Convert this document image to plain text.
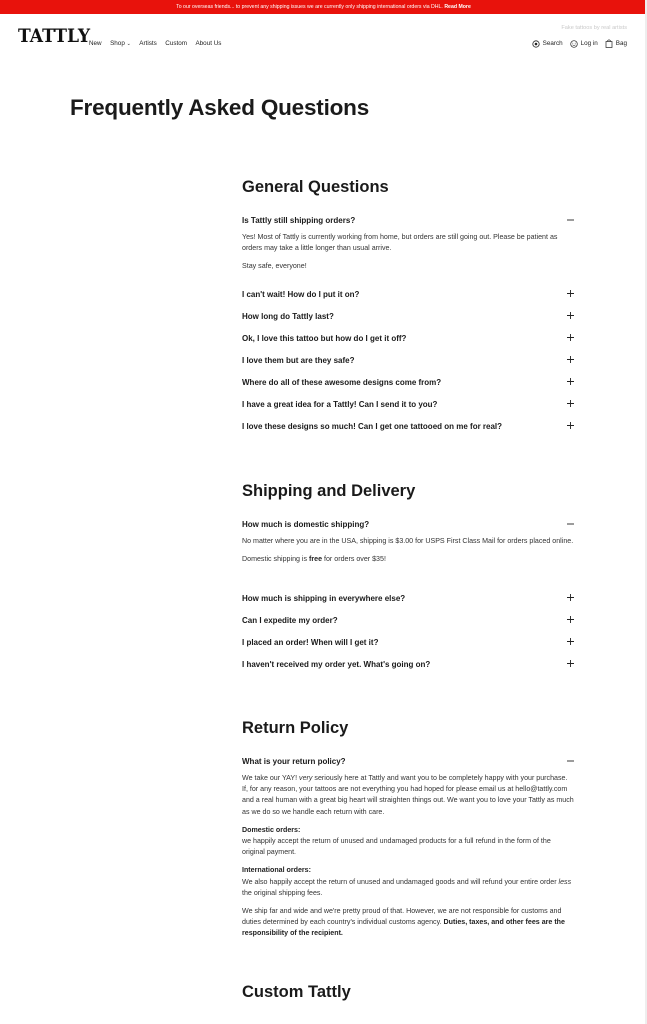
To our overseas friends... to prevent any shipping issues we are currently only shipping international orders via DHL. Read More
TATTLY
New Shop ⌄ Artists Custom About Us
Fake tattoos by real artists
Search	Log in	Bag
Frequently Asked Questions
General Questions
Is Tattly still shipping orders?

Yes! Most of Tattly is currently working from home, but orders are still going out. Please be patient as orders may take a little longer than usual arrive.

Stay safe, everyone!

I can't wait! How do I put it on?
How long do Tattly last?
Ok, I love this tattoo but how do I get it off?
I love them but are they safe?
Where do all of these awesome designs come from?
I have a great idea for a Tattly! Can I send it to you?
I love these designs so much! Can I get one tattooed on me for real?
Shipping and Delivery
How much is domestic shipping?

No matter where you are in the USA, shipping is $3.00 for USPS First Class Mail for orders placed online.

Domestic shipping is free for orders over $35!

How much is shipping in everywhere else?
Can I expedite my order?
I placed an order! When will I get it?
I haven't received my order yet. What's going on?
Return Policy
What is your return policy?

We take our YAY! very seriously here at Tattly and want you to be completely happy with your purchase. If, for any reason, your tattoos are not everything you had hoped for please email us at hello@tattly.com and a real human with a great big heart will straighten things out. We want you to love your Tattly as much as we do so we handle each return with care.

Domestic orders:
we happily accept the return of unused and undamaged products for a full refund in the form of the original payment.

International orders:
We also happily accept the return of unused and undamaged goods and will refund your entire order less the original shipping fees.

We ship far and wide and we're pretty proud of that. However, we are not responsible for customs and duties determined by each country's individual customs agency. Duties, taxes, and other fees are the responsibility of the recipient.

Custom Tattly
